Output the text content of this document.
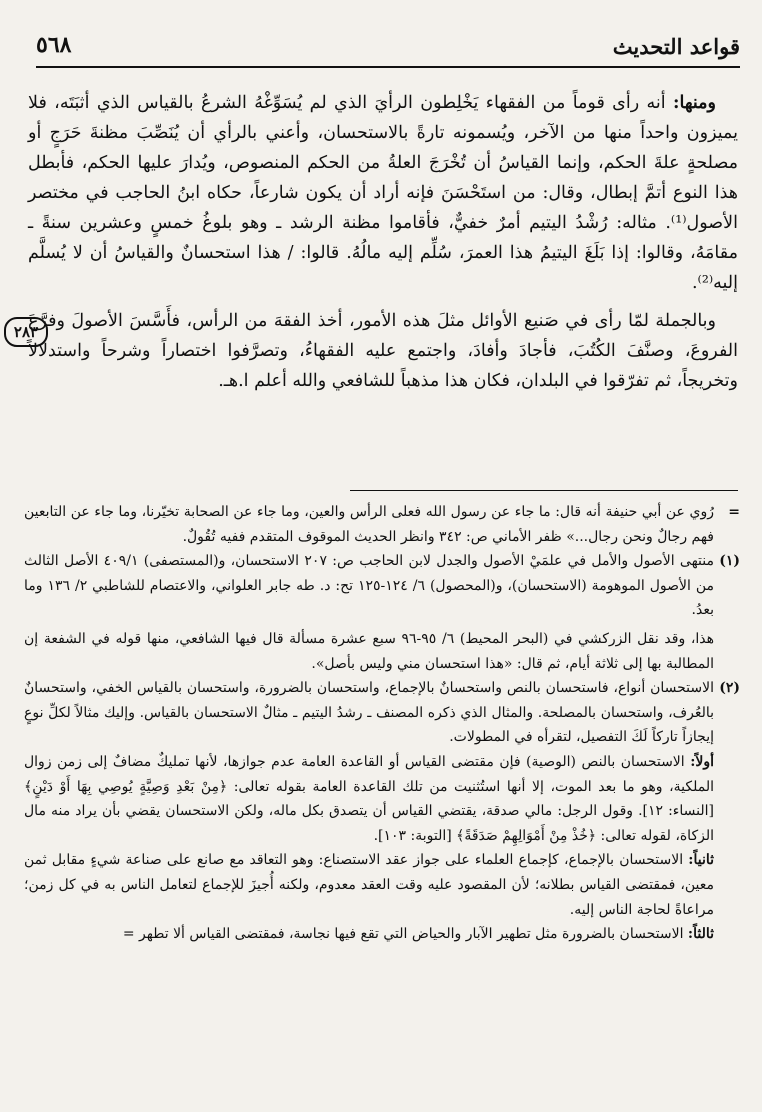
٥٦٨	قواعد التحديث
٢٨٣

ومنها: أنه رأى قوماً من الفقهاء يَخْلِطون الرأيَ الذي لم يُسَوِّغْهُ الشرعُ بالقياس الذي أثبَتَه، فلا يميزون واحداً منها من الآخر، ويُسمونه تارةً بالاستحسان، وأعني بالرأي أن يُنَصِّبَ مظنةَ حَرَجٍ أو مصلحةٍ علةَ الحكم، وإنما القياسُ أن تُخْرَجَ العلةُ من الحكم المنصوص، ويُدارَ عليها الحكم، فأبطل هذا النوع أتمَّ إبطال، وقال: من استَحْسَنَ فإنه أراد أن يكون شارعاً، حكاه ابنُ الحاجب في مختصر الأصول⁽¹⁾. مثاله: رُشْدُ اليتيم أمرٌ خفيٌّ، فأقاموا مظنة الرشد ـ وهو بلوغُ خمسٍ وعشرين سنةً ـ مقامَهُ، وقالوا: إذا بَلَغَ اليتيمُ هذا العمرَ، سُلِّم إليه مالُهُ. قالوا: / هذا استحسانٌ والقياسُ أن لا يُسلَّم إليه⁽²⁾.

وبالجملة لمّا رأى في صَنيع الأوائل مثلَ هذه الأمور، أخذ الفقهَ من الرأس، فأَسَّسَ الأصولَ وفرَّعَ الفروعَ، وصنَّفَ الكُتُبَ، فأجادَ وأفادَ، واجتمع عليه الفقهاءُ، وتصرَّفوا اختصاراً وشرحاً واستدلالاً وتخريجاً، ثم تفرّقوا في البلدان، فكان هذا مذهباً للشافعي والله أعلم ا.هـ.

=

رُوي عن أبي حنيفة أنه قال: ما جاء عن رسول الله فعلى الرأس والعين، وما جاء عن الصحابة تخيّرنا، وما جاء عن التابعين فهم رجالٌ ونحن رجال...» ظفر الأماني ص: ٣٤٢ وانظر الحديث الموقوف المتقدم ففيه تُقُولٌ.

(١)

منتهى الأصول والأمل في علمَيْ الأصول والجدل لابن الحاجب ص: ٢٠٧ الاستحسان، و(المستصفى) ٤٠٩/١ الأصل الثالث من الأصول الموهومة (الاستحسان)، و(المحصول) ٦/ ١٢٤-١٢٥ تح: د. طه جابر العلواني، والاعتصام للشاطبي ٢/ ١٣٦ وما بعدُ.

هذا، وقد نقل الزركشي في (البحر المحيط) ٦/ ٩٥-٩٦ سبع عشرة مسألة قال فيها الشافعي، منها قوله في الشفعة إن المطالبة بها إلى ثلاثة أيام، ثم قال: «هذا استحسان مني وليس بأصل».

(٢)

الاستحسان أنواع، فاستحسان بالنص واستحسانٌ بالإجماع، واستحسان بالضرورة، واستحسان بالقياس الخفي، واستحسانٌ بالعُرف، واستحسان بالمصلحة. والمثال الذي ذكره المصنف ـ رشدُ اليتيم ـ مثالٌ الاستحسان بالقياس. وإليك مثالاً لكلِّ نوعٍ إيجازاً تاركاً لَكَ التفصيل، لتقرأه في المطولات.

أولاً: الاستحسان بالنص (الوصية) فإن مقتضى القياس أو القاعدة العامة عدم جوازها، لأنها تمليكٌ مضافٌ إلى زمن زوال الملكية، وهو ما بعد الموت، إلا أنها استُثنيت من تلك القاعدة العامة بقوله تعالى: ﴿مِنْ بَعْدِ وَصِيَّةٍ يُوصِي بِهَا أَوْ دَيْنٍ﴾ [النساء: ١٢]. وقول الرجل: مالي صدقة، يقتضي القياس أن يتصدق بكل ماله، ولكن الاستحسان يقضي بأن يراد منه مال الزكاة، لقوله تعالى: ﴿خُذْ مِنْ أَمْوَالِهِمْ صَدَقَةً﴾ [التوبة: ١٠٣].

ثانياً: الاستحسان بالإجماع، كإجماع العلماء على جواز عقد الاستصناع: وهو التعاقد مع صانع على صناعة شيءٍ مقابل ثمن معين، فمقتضى القياس بطلانه؛ لأن المقصود عليه وقت العقد معدوم، ولكنه أُجيزَ للإجماع لتعامل الناس به في كل زمن؛ مراعاةً لحاجة الناس إليه.

ثالثاً: الاستحسان بالضرورة مثل تطهير الآبار والحياض التي تقع فيها نجاسة، فمقتضى القياس ألا تطهر =
